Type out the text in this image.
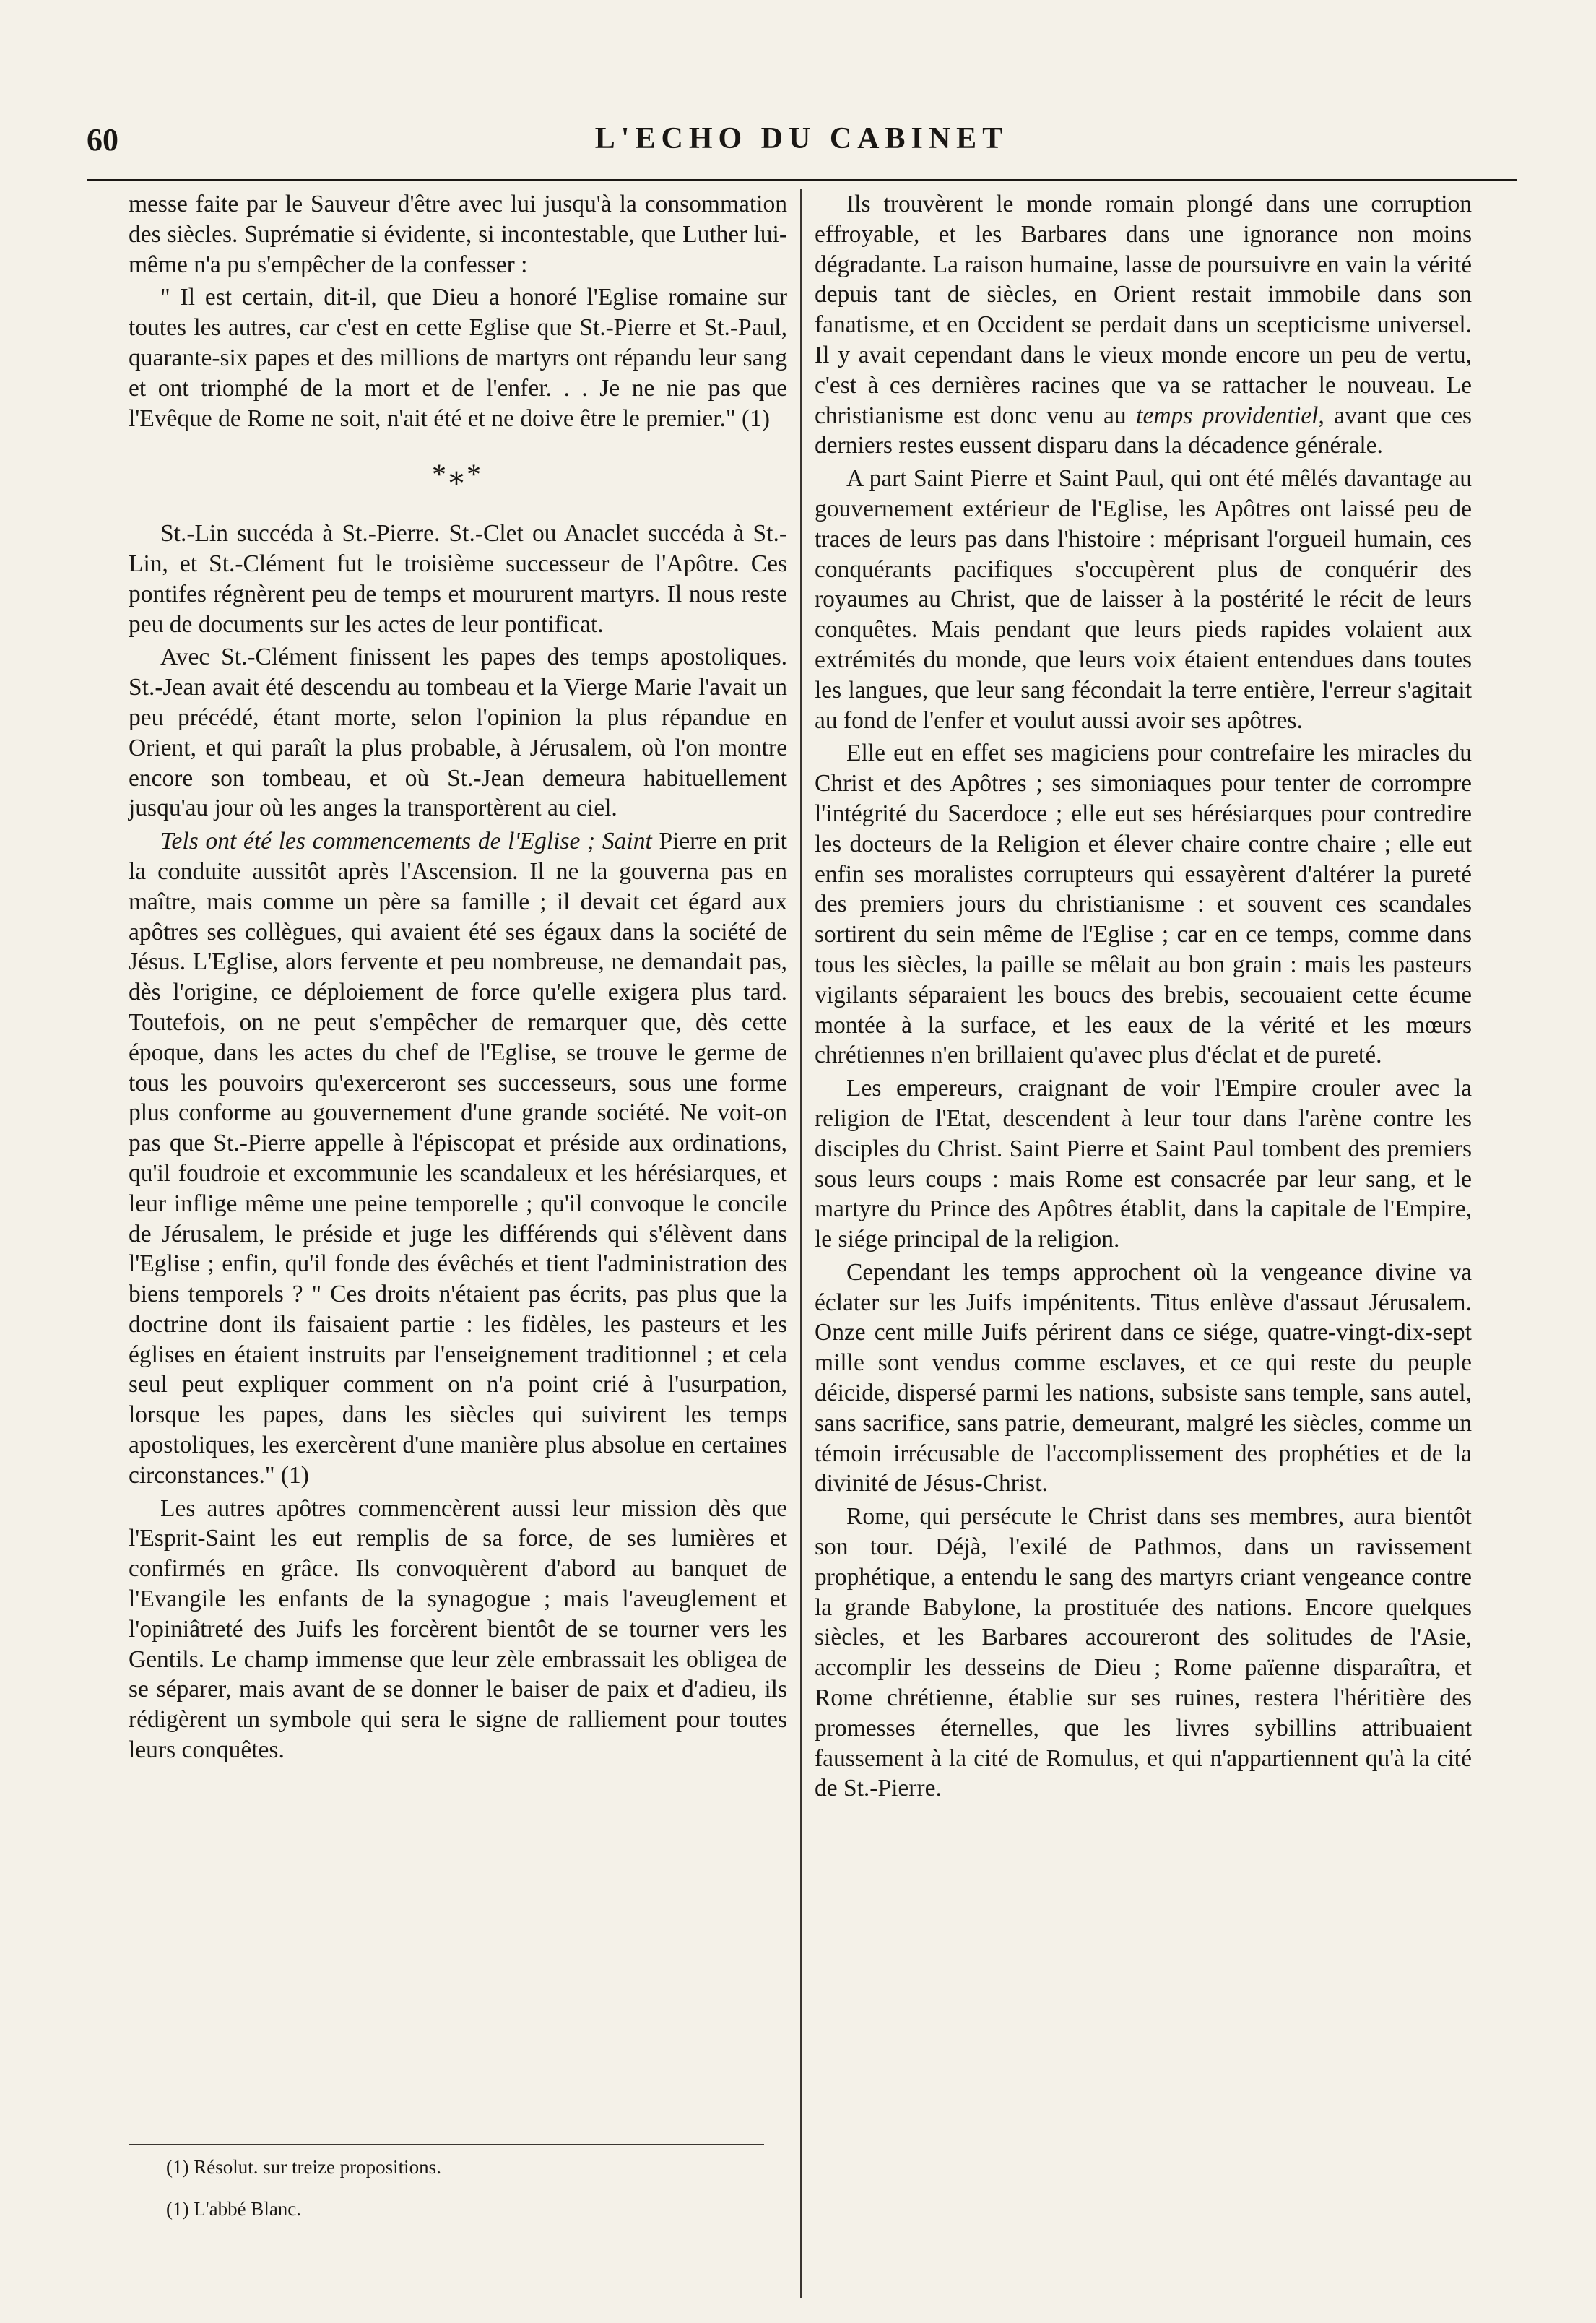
60	L'ECHO DU CABINET

messe faite par le Sauveur d'être avec lui jusqu'à la consommation des siècles. Suprématie si évidente, si incontestable, que Luther lui-même n'a pu s'empêcher de la confesser :

" Il est certain, dit-il, que Dieu a honoré l'Eglise romaine sur toutes les autres, car c'est en cette Eglise que St.-Pierre et St.-Paul, quarante-six papes et des millions de martyrs ont répandu leur sang et ont triomphé de la mort et de l'enfer. . . Je ne nie pas que l'Evêque de Rome ne soit, n'ait été et ne doive être le premier." (1)

*⁎*

St.-Lin succéda à St.-Pierre. St.-Clet ou Anaclet succéda à St.-Lin, et St.-Clément fut le troisième successeur de l'Apôtre. Ces pontifes régnèrent peu de temps et moururent martyrs. Il nous reste peu de documents sur les actes de leur pontificat.

Avec St.-Clément finissent les papes des temps apostoliques. St.-Jean avait été descendu au tombeau et la Vierge Marie l'avait un peu précédé, étant morte, selon l'opinion la plus répandue en Orient, et qui paraît la plus probable, à Jérusalem, où l'on montre encore son tombeau, et où St.-Jean demeura habituellement jusqu'au jour où les anges la transportèrent au ciel.

Tels ont été les commencements de l'Eglise ; Saint Pierre en prit la conduite aussitôt après l'Ascension. Il ne la gouverna pas en maître, mais comme un père sa famille ; il devait cet égard aux apôtres ses collègues, qui avaient été ses égaux dans la société de Jésus. L'Eglise, alors fervente et peu nombreuse, ne demandait pas, dès l'origine, ce déploiement de force qu'elle exigera plus tard. Toutefois, on ne peut s'empêcher de remarquer que, dès cette époque, dans les actes du chef de l'Eglise, se trouve le germe de tous les pouvoirs qu'exerceront ses successeurs, sous une forme plus conforme au gouvernement d'une grande société. Ne voit-on pas que St.-Pierre appelle à l'épiscopat et préside aux ordinations, qu'il foudroie et excommunie les scandaleux et les hérésiarques, et leur inflige même une peine temporelle ; qu'il convoque le concile de Jérusalem, le préside et juge les différends qui s'élèvent dans l'Eglise ; enfin, qu'il fonde des évêchés et tient l'administration des biens temporels ? " Ces droits n'étaient pas écrits, pas plus que la doctrine dont ils faisaient partie : les fidèles, les pasteurs et les églises en étaient instruits par l'enseignement traditionnel ; et cela seul peut expliquer comment on n'a point crié à l'usurpation, lorsque les papes, dans les siècles qui suivirent les temps apostoliques, les exercèrent d'une manière plus absolue en certaines circonstances." (1)

Les autres apôtres commencèrent aussi leur mission dès que l'Esprit-Saint les eut remplis de sa force, de ses lumières et confirmés en grâce. Ils convoquèrent d'abord au banquet de l'Evangile les enfants de la synagogue ; mais l'aveuglement et l'opiniâtreté des Juifs les forcèrent bientôt de se tourner vers les Gentils. Le champ immense que leur zèle embrassait les obligea de se séparer, mais avant de se donner le baiser de paix et d'adieu, ils rédigèrent un symbole qui sera le signe de ralliement pour toutes leurs conquêtes.

Ils trouvèrent le monde romain plongé dans une corruption effroyable, et les Barbares dans une ignorance non moins dégradante. La raison humaine, lasse de poursuivre en vain la vérité depuis tant de siècles, en Orient restait immobile dans son fanatisme, et en Occident se perdait dans un scepticisme universel. Il y avait cependant dans le vieux monde encore un peu de vertu, c'est à ces dernières racines que va se rattacher le nouveau. Le christianisme est donc venu au temps providentiel, avant que ces derniers restes eussent disparu dans la décadence générale.

A part Saint Pierre et Saint Paul, qui ont été mêlés davantage au gouvernement extérieur de l'Eglise, les Apôtres ont laissé peu de traces de leurs pas dans l'histoire : méprisant l'orgueil humain, ces conquérants pacifiques s'occupèrent plus de conquérir des royaumes au Christ, que de laisser à la postérité le récit de leurs conquêtes. Mais pendant que leurs pieds rapides volaient aux extrémités du monde, que leurs voix étaient entendues dans toutes les langues, que leur sang fécondait la terre entière, l'erreur s'agitait au fond de l'enfer et voulut aussi avoir ses apôtres.

Elle eut en effet ses magiciens pour contrefaire les miracles du Christ et des Apôtres ; ses simoniaques pour tenter de corrompre l'intégrité du Sacerdoce ; elle eut ses hérésiarques pour contredire les docteurs de la Religion et élever chaire contre chaire ; elle eut enfin ses moralistes corrupteurs qui essayèrent d'altérer la pureté des premiers jours du christianisme : et souvent ces scandales sortirent du sein même de l'Eglise ; car en ce temps, comme dans tous les siècles, la paille se mêlait au bon grain : mais les pasteurs vigilants séparaient les boucs des brebis, secouaient cette écume montée à la surface, et les eaux de la vérité et les mœurs chrétiennes n'en brillaient qu'avec plus d'éclat et de pureté.

Les empereurs, craignant de voir l'Empire crouler avec la religion de l'Etat, descendent à leur tour dans l'arène contre les disciples du Christ. Saint Pierre et Saint Paul tombent des premiers sous leurs coups : mais Rome est consacrée par leur sang, et le martyre du Prince des Apôtres établit, dans la capitale de l'Empire, le siége principal de la religion.

Cependant les temps approchent où la vengeance divine va éclater sur les Juifs impénitents. Titus enlève d'assaut Jérusalem. Onze cent mille Juifs périrent dans ce siége, quatre-vingt-dix-sept mille sont vendus comme esclaves, et ce qui reste du peuple déicide, dispersé parmi les nations, subsiste sans temple, sans autel, sans sacrifice, sans patrie, demeurant, malgré les siècles, comme un témoin irrécusable de l'accomplissement des prophéties et de la divinité de Jésus-Christ.

Rome, qui persécute le Christ dans ses membres, aura bientôt son tour. Déjà, l'exilé de Pathmos, dans un ravissement prophétique, a entendu le sang des martyrs criant vengeance contre la grande Babylone, la prostituée des nations. Encore quelques siècles, et les Barbares accoureront des solitudes de l'Asie, accomplir les desseins de Dieu ; Rome païenne disparaîtra, et Rome chrétienne, établie sur ses ruines, restera l'héritière des promesses éternelles, que les livres sybillins attribuaient faussement à la cité de Romulus, et qui n'appartiennent qu'à la cité de St.-Pierre.

(1) Résolut. sur treize propositions.
(1) L'abbé Blanc.
